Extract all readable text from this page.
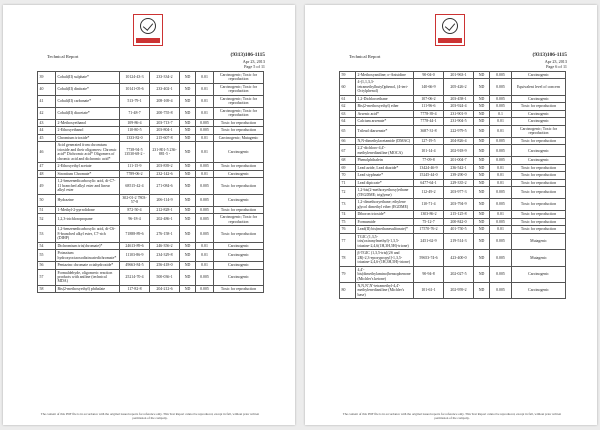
Technical Report	(9313)106-1115
Apr 23, 2013
Page 5 of 11
39	Cobalt(II) sulphate*	10124-43-3	233-334-2	ND	0.01	Carcinogenic; Toxic for reproduction
40	Cobalt(II) dinitrate*	10141-05-6	233-402-1	ND	0.01	Carcinogenic; Toxic for reproduction
41	Cobalt(II) carbonate*	513-79-1	208-169-4	ND	0.01	Carcinogenic; Toxic for reproduction
42	Cobalt(II) diacetate*	71-48-7	200-755-8	ND	0.01	Carcinogenic; Toxic for reproduction
43	2-Methoxyethanol	109-86-4	203-713-7	ND	0.005	Toxic for reproduction
44	2-Ethoxyethanol	110-80-5	203-804-1	ND	0.005	Toxic for reproduction
45	Chromium trioxide*	1333-82-0	215-607-8	ND	0.01	Carcinogenic; Mutagenic
46	Acid generated from chromium trioxide and their oligomers: Chromic acid* Dichromic acid* Oligomers of chromic acid and dichromic acid*	7738-94-5 13530-68-2 -	231-801-5 236-881-5 -	ND	0.01	Carcinogenic
47	2-Ethoxyethyl acetate	111-15-9	203-839-2	ND	0.005	Toxic for reproduction
48	Strontium Chromate*	7789-06-2	232-142-6	ND	0.01	Carcinogenic
49	1,2-benzenedicarboxylic acid, di-C7-11 branched alkyl ester and linear alkyl ester	68515-42-4	271-084-6	ND	0.005	Toxic for reproduction
50	Hydrazine	302-01-2 7803-57-8	206-114-9	ND	0.005	Carcinogenic
51	1-Methyl-2-pyrrolidone	872-50-4	212-828-1	ND	0.005	Toxic for reproduction
52	1,2,3-trichloropropane	96-18-4	202-486-1	ND	0.005	Carcinogenic; Toxic for reproduction
53	1,2-benzenedicarboxylic acid, di-C6-8-branched alkyl ester, C7-rich (DIHP)	71888-89-6	276-158-1	ND	0.005	Toxic for reproduction
54	Dichromium tris(chromate)*	24613-89-6	246-356-2	ND	0.01	Carcinogenic
55	Potassium hydroxyoctaoxodizincatedichromate*	11103-86-9	234-329-8	ND	0.01	Carcinogenic
56	Pentazinc chromate octahydroxide*	49663-84-5	256-418-0	ND	0.01	Carcinogenic
57	Formaldehyde, oligomeric reaction products with aniline (technical MDA)	25214-70-4	500-036-1	ND	0.005	Carcinogenic
58	Bis(2-methoxyethyl) phthalate	117-82-8	204-212-6	ND	0.005	Toxic for reproduction
The content of this PDF file is in accordance with the original issued reports for reference only. This Test Report cannot be reproduced, except in full, without prior written permission of the company.
Technical Report	(9313)106-1115
Apr 23, 2013
Page 6 of 11
59	2-Methoxyaniline; o-Anisidine	90-04-0	201-963-1	ND	0.005	Carcinogenic
60	4-(1,1,3,3-tetramethylbutyl)phenol, (4-tert-Octylphenol)	140-66-9	205-426-2	ND	0.005	Equivalent level of concern
61	1,2-Dichloroethane	107-06-2	203-458-1	ND	0.005	Carcinogenic
62	Bis(2-methoxyethyl) ether	111-96-6	203-924-4	ND	0.005	Toxic for reproduction
63	Arsenic acid*	7778-39-4	231-901-9	ND	0.1	Carcinogenic
64	Calcium arsenate*	7778-44-1	231-904-5	ND	0.01	Carcinogenic
65	Trilead diarsenate*	3687-31-8	222-979-5	ND	0.01	Carcinogenic; Toxic for reproduction
66	N,N-dimethylacetamide (DMAC)	127-19-5	204-826-4	ND	0.005	Toxic for reproduction
67	2,2'-dichloro-4,4'-methylenedianiline (MOCA)	101-14-4	202-918-9	ND	0.005	Carcinogenic
68	Phenolphthalein	77-09-8	201-004-7	ND	0.005	Carcinogenic
69	Lead azide, Lead diazide*	13424-46-9	236-542-1	ND	0.01	Toxic for reproduction
70	Lead styphnate*	15245-44-0	239-290-0	ND	0.01	Toxic for reproduction
71	Lead dipicrate*	6477-64-1	229-335-2	ND	0.01	Toxic for reproduction
72	1,2-bis(2-methoxyethoxy)ethane (TEGDME; triglyme)	112-49-2	203-977-3	ND	0.005	Toxic for reproduction
73	1,2-dimethoxyethane; ethylene glycol dimethyl ether (EGDME)	110-71-4	203-794-9	ND	0.005	Toxic for reproduction
74	Diboron trioxide*	1303-86-2	215-125-8	ND	0.01	Toxic for reproduction
75	Formamide	75-12-7	200-842-0	ND	0.005	Toxic for reproduction
76	Lead(II) bis(methanesulfonate)*	17570-76-2	401-750-5	ND	0.01	Toxic for reproduction
77	TGIC (1,3,5-tris(oxiranylmethyl)-1,3,5-triazine-2,4,6(1H,3H,5H)-trione)	2451-62-9	219-514-3	ND	0.005	Mutagenic
78	β-TGIC (1,3,5-tris[(2S and 2R)-2,3-epoxypropyl]-1,3,5-triazine-2,4,6-(1H,3H,5H)-trione)	59653-74-6	423-400-0	ND	0.005	Mutagenic
79	4,4'-bis(dimethylamino)benzophenone (Michler's ketone)	90-94-8	202-027-5	ND	0.005	Carcinogenic
80	N,N,N',N'-tetramethyl-4,4'-methylenedianiline (Michler's base)	101-61-1	202-959-2	ND	0.005	Carcinogenic
The content of this PDF file is in accordance with the original issued reports for reference only. This Test Report cannot be reproduced, except in full, without prior written permission of the company.
